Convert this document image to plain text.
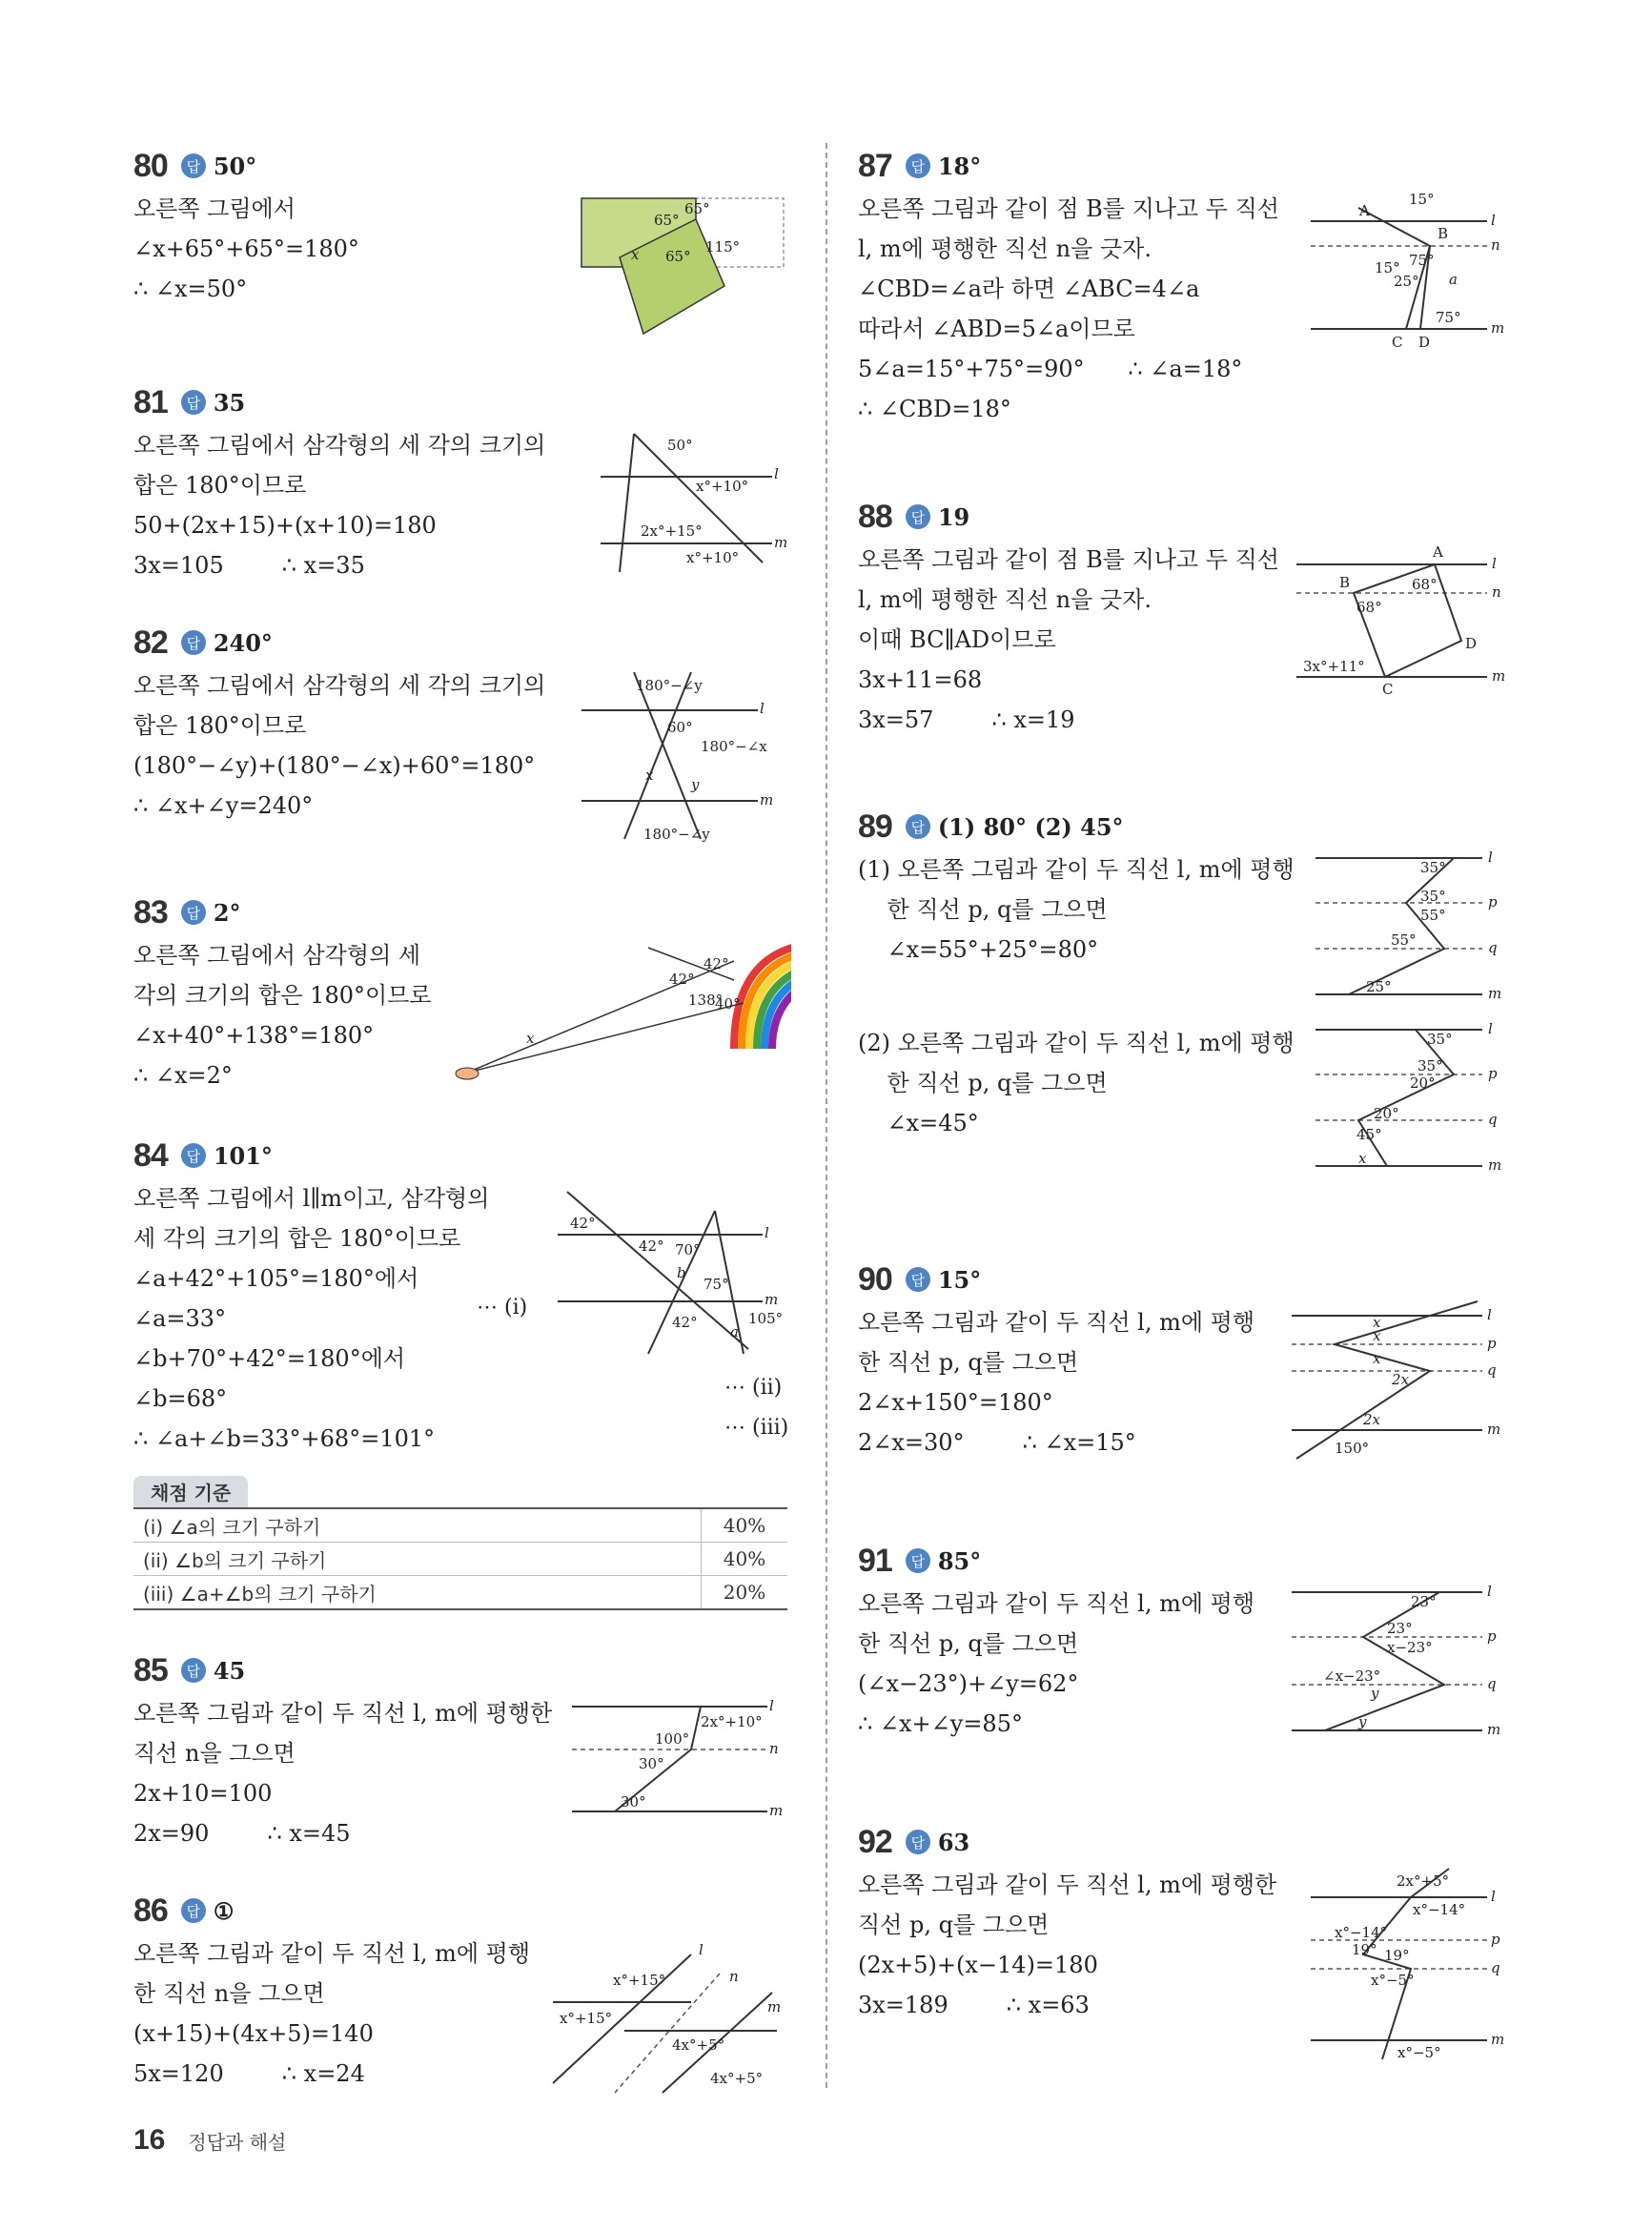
80	답 50°
오른쪽 그림에서
∠x+65°+65°=180°
∴ ∠x=50°
65°
65°
115°
x 65°
81	답 35
오른쪽 그림에서 삼각형의 세 각의 크기의
합은 180°이므로
50+(2x+15)+(x+10)=180
3x=105        ∴ x=35
50°
x°+10°
2x°+15°
x°+10°
l
m
82	답 240°
오른쪽 그림에서 삼각형의 세 각의 크기의
합은 180°이므로
(180°−∠y)+(180°−∠x)+60°=180°
∴ ∠x+∠y=240°
180°−∠y
60°
180°−∠x
x
y
180°−∠y
l
m
83	답 2°
오른쪽 그림에서 삼각형의 세
각의 크기의 합은 180°이므로
∠x+40°+138°=180°
∴ ∠x=2°
42°
42°
138°
40°
x
84	답 101°
오른쪽 그림에서 l∥m이고, 삼각형의
세 각의 크기의 합은 180°이므로
∠a+42°+105°=180°에서
∠a=33°
∠b+70°+42°=180°에서
∠b=68°
∴ ∠a+∠b=33°+68°=101°
⋯ (i)
⋯ (ii)
⋯ (iii)
42°
42° 70°
b
75°
105°
42°
a
l
m
채점 기준
(i) ∠a의 크기 구하기	40%
(ii) ∠b의 크기 구하기	40%
(iii) ∠a+∠b의 크기 구하기	20%
85	답 45
오른쪽 그림과 같이 두 직선 l, m에 평행한
직선 n을 그으면
2x+10=100
2x=90        ∴ x=45
100°
2x°+10°
30°
30°
l
n
m
86	답 ①
오른쪽 그림과 같이 두 직선 l, m에 평행
한 직선 n을 그으면
(x+15)+(4x+5)=140
5x=120        ∴ x=24
x°+15°
x°+15°
4x°+5°
4x°+5°
l
n
m
87	답 18°
오른쪽 그림과 같이 점 B를 지나고 두 직선
l, m에 평행한 직선 n을 긋자.
∠CBD=∠a라 하면 ∠ABC=4∠a
따라서 ∠ABD=5∠a이므로
5∠a=15°+75°=90°      ∴ ∠a=18°
∴ ∠CBD=18°
A
15°
B
15° 75°
25° a
75°
C D
l
n
m
88	답 19
오른쪽 그림과 같이 점 B를 지나고 두 직선
l, m에 평행한 직선 n을 긋자.
이때 BC∥AD이므로
3x+11=68
3x=57        ∴ x=19
A
B
68°
68°
D
3x°+11°
C
l
n
m
89	답 (1) 80° (2) 45°
(1) 오른쪽 그림과 같이 두 직선 l, m에 평행
한 직선 p, q를 그으면
∠x=55°+25°=80°
(2) 오른쪽 그림과 같이 두 직선 l, m에 평행
한 직선 p, q를 그으면
∠x=45°
35°
35°
55°
55°
25°
l
p
q
m
35°
35°
20°
20°
45°
x
l
p
q
m
90	답 15°
오른쪽 그림과 같이 두 직선 l, m에 평행
한 직선 p, q를 그으면
2∠x+150°=180°
2∠x=30°        ∴ ∠x=15°
x
x
x
2x
2x
150°
l
p
q
m
91	답 85°
오른쪽 그림과 같이 두 직선 l, m에 평행
한 직선 p, q를 그으면
(∠x−23°)+∠y=62°
∴ ∠x+∠y=85°
23°
23°
x−23°
∠x−23°
y
y
l
p
q
m
92	답 63
오른쪽 그림과 같이 두 직선 l, m에 평행한
직선 p, q를 그으면
(2x+5)+(x−14)=180
3x=189        ∴ x=63
2x°+5°
x°−14°
x°−14°
19° 19°
x°−5°
x°−5°
l
p
q
m
16 정답과 해설
